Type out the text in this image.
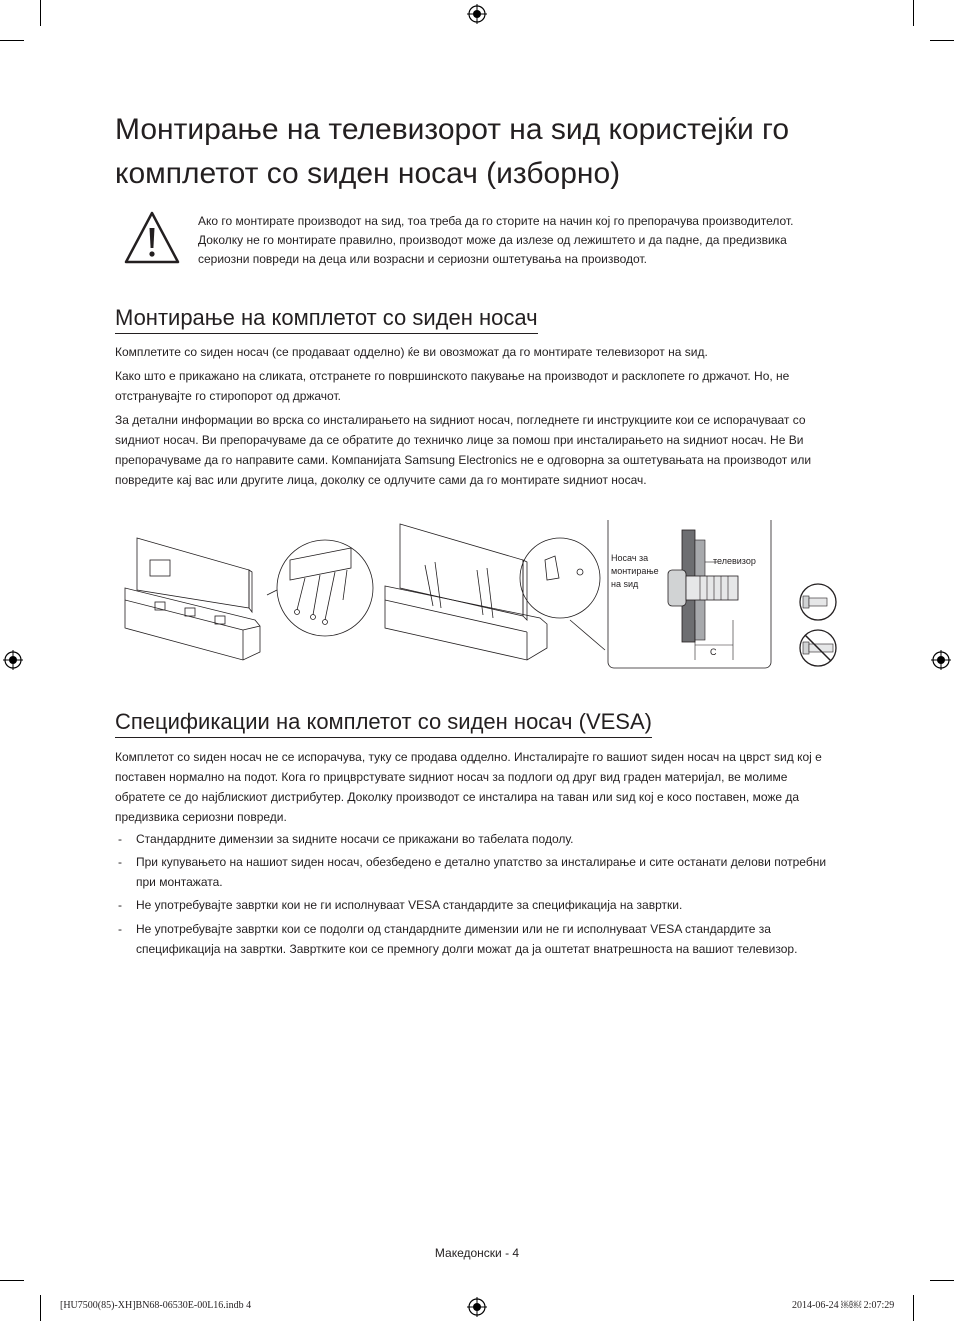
Монтирање на телевизорот на ѕид користејќи го комплетот со ѕиден носач (изборно)
Ако го монтирате производот на ѕид, тоа треба да го сторите на начин кој го препорачува производителот. Доколку не го монтирате правилно, производот може да излезе од лежиштето и да падне, да предизвика сериозни повреди на деца или возрасни и сериозни оштетувања на производот.
Монтирање на комплетот со ѕиден носач

Комплетите со ѕиден носач (се продаваат одделно) ќе ви овозможат да го монтирате телевизорот на ѕид.

Како што е прикажано на сликата, отстранете го површинското пакување на производот и расклопете го држачот. Но, не отстранувајте го стиропорот од држачот.

За детални информации во врска со инсталирањето на ѕидниот носач, погледнете ги инструкциите кои се испорачуваат со ѕидниот носач. Ви препорачуваме да се обратите до техничко лице за помош при инсталирањето на ѕидниот носач. Не Ви препорачуваме да го направите сами. Компанијата Samsung Electronics не е одговорна за оштетувањата на производот или повредите кај вас или другите лица, доколку се одлучите сами да го монтирате ѕидниот носач.

Носач за монтирање на ѕид
телевизор
C
Спецификации на комплетот со ѕиден носач (VESA)

Комплетот со ѕиден носач не се испорачува, туку се продава одделно. Инсталирајте го вашиот ѕиден носач на цврст ѕид кој е поставен нормално на подот. Кога го прицврстувате ѕидниот носач за подлоги од друг вид граден материјал, ве молиме обратете се до најблискиот дистрибутер. Доколку производот се инсталира на таван или ѕид кој е косо поставен, може да предизвика сериозни повреди.

- Стандардните димензии за ѕидните носачи се прикажани во табелата подолу.
- При купувањето на нашиот ѕиден носач, обезбедено е детално упатство за инсталирање и сите останати делови потребни при монтажата.
- Не употребувајте завртки кои не ги исполнуваат VESA стандардите за спецификација на завртки.
- Не употребувајте завртки кои се подолги од стандардните димензии или не ги исполнуваат VESA стандардите за спецификација на завртки. Завртките кои се премногу долги можат да ја оштетат внатрешноста на вашиот телевизор.
Македонски - 4
[HU7500(85)-XH]BN68-06530E-00L16.indb 4	2014-06-24 ￼￼ 2:07:29
